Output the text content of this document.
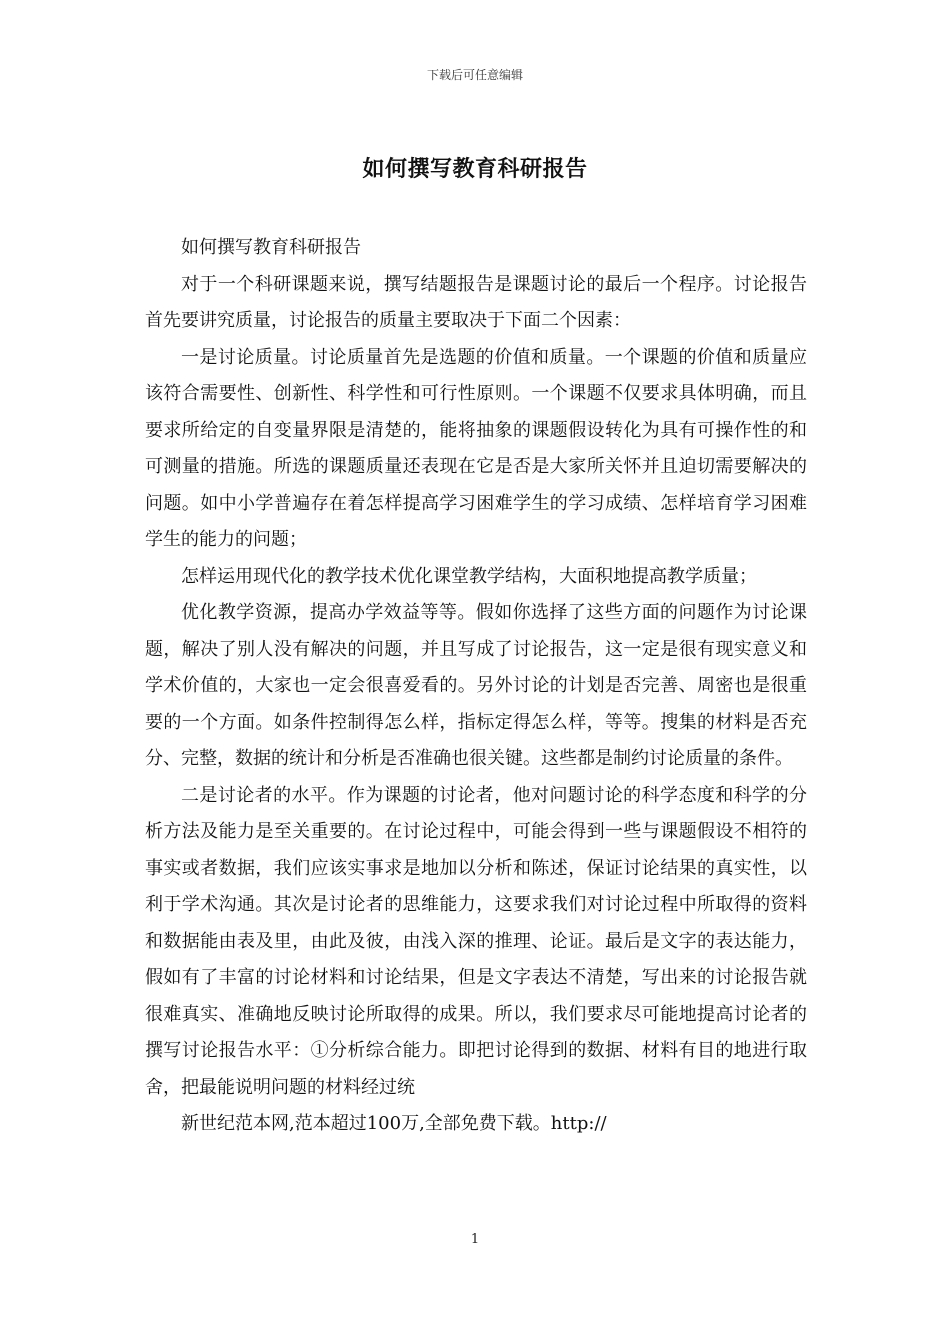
下载后可任意编辑
如何撰写教育科研报告

如何撰写教育科研报告

对于一个科研课题来说，撰写结题报告是课题讨论的最后一个程序。讨论报告首先要讲究质量，讨论报告的质量主要取决于下面二个因素：

一是讨论质量。讨论质量首先是选题的价值和质量。一个课题的价值和质量应该符合需要性、创新性、科学性和可行性原则。一个课题不仅要求具体明确，而且要求所给定的自变量界限是清楚的，能将抽象的课题假设转化为具有可操作性的和可测量的措施。所选的课题质量还表现在它是否是大家所关怀并且迫切需要解决的问题。如中小学普遍存在着怎样提高学习困难学生的学习成绩、怎样培育学习困难学生的能力的问题；

怎样运用现代化的教学技术优化课堂教学结构，大面积地提高教学质量；

优化教学资源，提高办学效益等等。假如你选择了这些方面的问题作为讨论课题，解决了别人没有解决的问题，并且写成了讨论报告，这一定是很有现实意义和学术价值的，大家也一定会很喜爱看的。另外讨论的计划是否完善、周密也是很重要的一个方面。如条件控制得怎么样，指标定得怎么样，等等。搜集的材料是否充分、完整，数据的统计和分析是否准确也很关键。这些都是制约讨论质量的条件。

二是讨论者的水平。作为课题的讨论者，他对问题讨论的科学态度和科学的分析方法及能力是至关重要的。在讨论过程中，可能会得到一些与课题假设不相符的事实或者数据，我们应该实事求是地加以分析和陈述，保证讨论结果的真实性，以利于学术沟通。其次是讨论者的思维能力，这要求我们对讨论过程中所取得的资料和数据能由表及里，由此及彼，由浅入深的推理、论证。最后是文字的表达能力，假如有了丰富的讨论材料和讨论结果，但是文字表达不清楚，写出来的讨论报告就很难真实、准确地反映讨论所取得的成果。所以，我们要求尽可能地提高讨论者的撰写讨论报告水平：①分析综合能力。即把讨论得到的数据、材料有目的地进行取舍，把最能说明问题的材料经过统

新世纪范本网,范本超过100万,全部免费下载。http://

1
